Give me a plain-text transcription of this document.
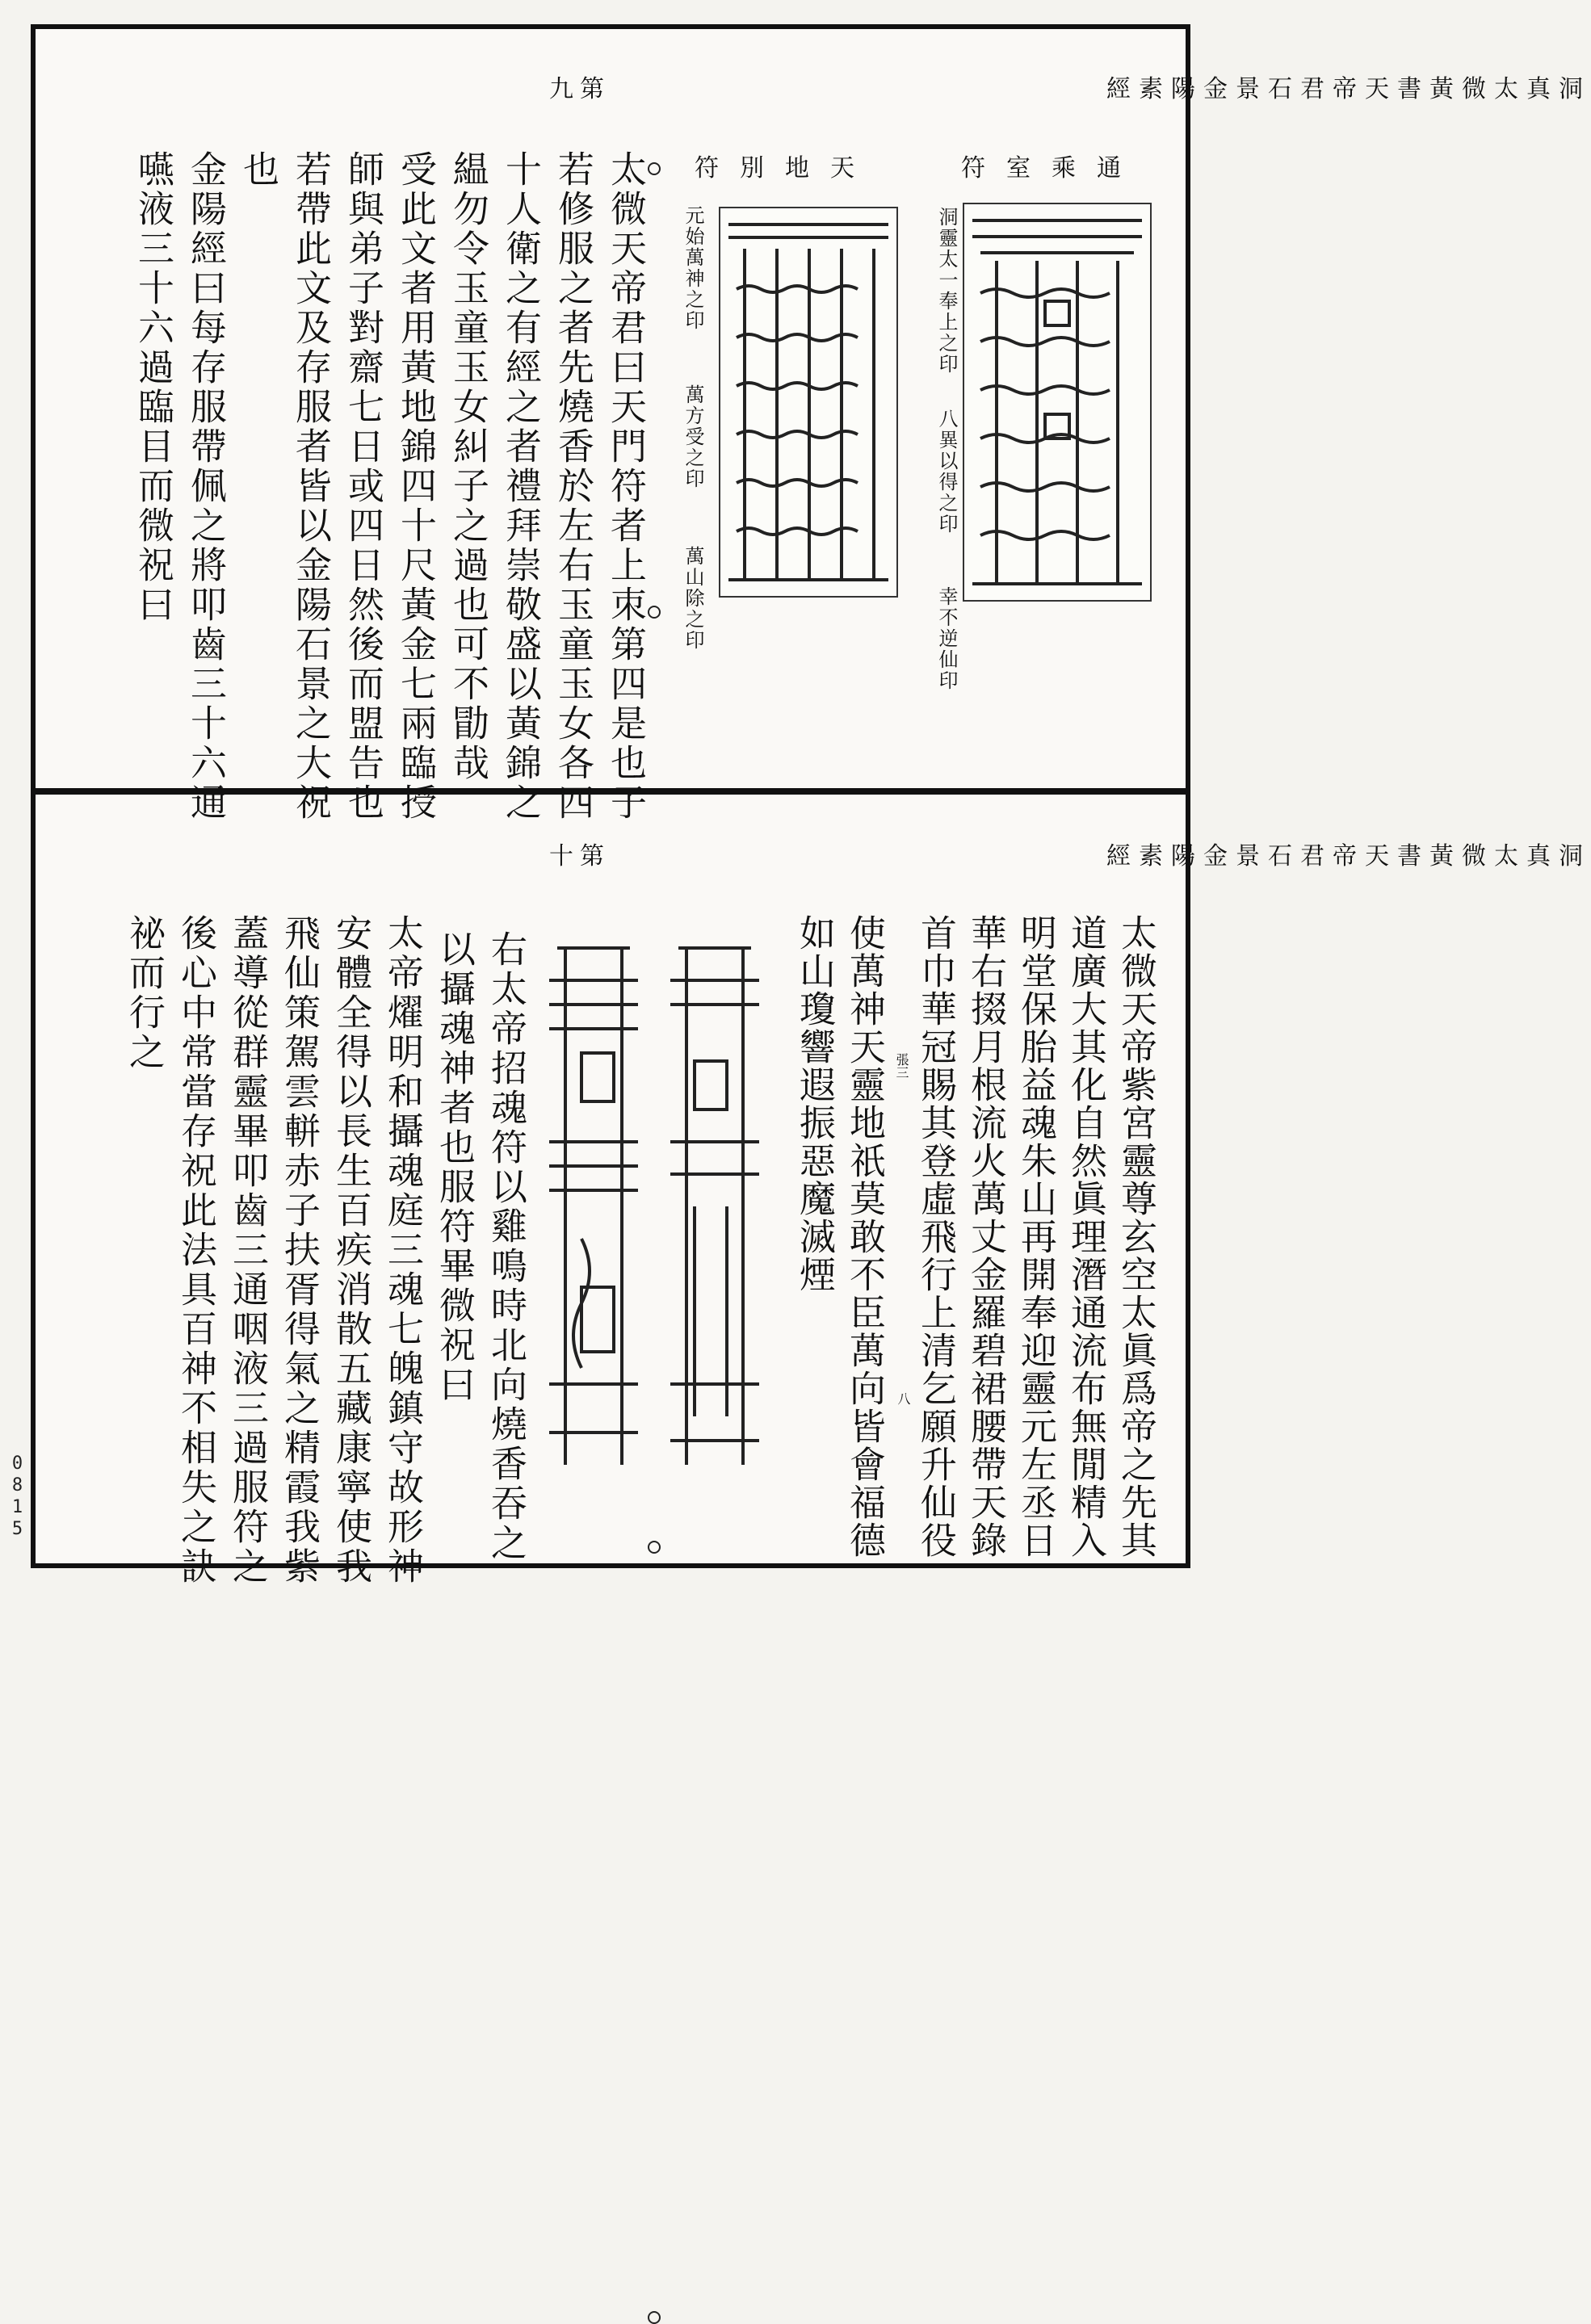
洞真太微黃書天帝君石景金陽素經
第九
通乘室符
天地別符
洞靈太一奉上之印
八異以得之印
幸不逆仙印
元始萬神之印
萬方受之印
萬山除之印
太微天帝君曰天門符者上朿第四是也子
若修服之者先燒香於左右玉童玉女各四
十人衛之有經之者禮拜崇敬盛以黃錦之
緼勿令玉童玉女糾子之過也可不勖哉
受此文者用黃地錦四十尺黃金七兩臨授
師與弟子對齋七日或四日然後而盟告也
若帶此文及存服者皆以金陽石景之大祝
也
金陽經曰每存服帶佩之將叩齒三十六通
嚥液三十六過臨目而微祝曰
洞真太微黃書天帝君石景金陽素經
第十
太微天帝紫宮靈尊玄空太眞爲帝之先其
道廣大其化自然眞理潛通流布無閒精入
明堂保胎益魂朱山再開奉迎靈元左丞日
華右掇月根流火萬丈金羅碧裙腰帶天錄
首巾華冠賜其登虛飛行上清乞願升仙役
使萬神天靈地祇莫敢不臣萬向皆會福德
如山瓊響遐振惡魔滅煙	張三
八
右太帝招魂符以雞鳴時北向燒香吞之
以攝魂神者也服符畢微祝曰
太帝燿明和攝魂庭三魂七魄鎮守故形神
安體全得以長生百疾消散五藏康寧使我
飛仙策駕雲軿赤子扶胥得氣之精霞我紫
蓋導從群靈畢叩齒三通咽液三過服符之
後心中常當存祝此法具百神不相失之訣
祕而行之
0815
